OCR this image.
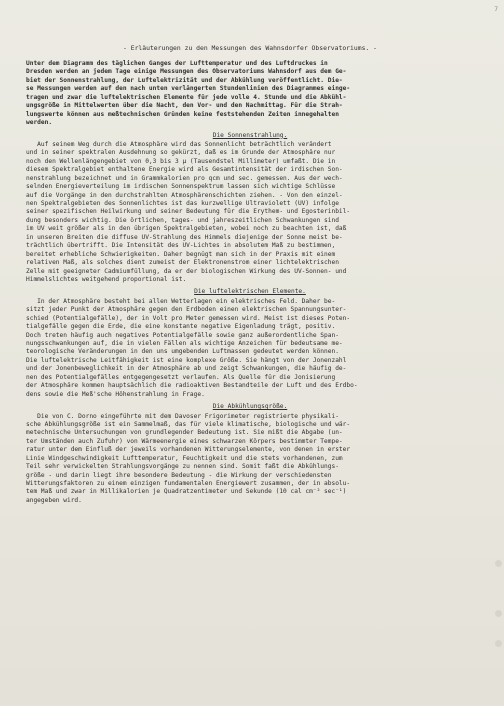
7
- Erläuterungen zu den Messungen des Wahnsdorfer Observatoriums. -
Unter dem Diagramm des täglichen Ganges der Lufttemperatur und des Luftdruckes in
Dresden werden an jedem Tage einige Messungen des Observatoriums Wahnsdorf aus dem Ge-
biet der Sonnenstrahlung, der Luftelektrizität und der Abkühlung veröffentlicht. Die-
se Messungen werden auf den nach unten verlängerten Stundenlinien des Diagrammes einge-
tragen und zwar die luftelektrischen Elemente für jede volle 4. Stunde und die Abkühl-
ungsgröße in Mittelwerten über die Nacht, den Vor- und den Nachmittag. Für die Strah-
lungswerte können aus meßtechnischen Gründen keine feststehenden Zeiten innegehalten
werden.
Die Sonnenstrahlung.
Auf seinem Weg durch die Atmosphäre wird das Sonnenlicht beträchtlich verändert
und in seiner spektralen Ausdehnung so gekürzt, daß es im Grunde der Atmosphäre nur
noch den Wellenlängengebiet von 0,3 bis 3 μ (Tausendstel Millimeter) umfaßt. Die in
diesem Spektralgebiet enthaltene Energie wird als Gesamtintensität der irdischen Son-
nenstrahlung bezeichnet und in Grammkalorien pro qcm und sec. gemessen. Aus der wech-
selnden Energieverteilung im irdischen Sonnenspektrum lassen sich wichtige Schlüsse
auf die Vorgänge in den durchstrahlten Atmosphärenschichten ziehen. - Von den einzel-
nen Spektralgebieten des Sonnenlichtes ist das kurzwellige Ultraviolett (UV) infolge
seiner spezifischen Heilwirkung und seiner Bedeutung für die Erythem- und Egosterinbil-
dung besonders wichtig. Die örtlichen, tages- und jahreszeitlichen Schwankungen sind
im UV weit größer als in den übrigen Spektralgebieten, wobei noch zu beachten ist, daß
in unseren Breiten die diffuse UV-Strahlung des Himmels diejenige der Sonne meist be-
trächtlich übertrifft. Die Intensität des UV-Lichtes in absolutem Maß zu bestimmen,
bereitet erhebliche Schwierigkeiten. Daher begnügt man sich in der Praxis mit einem
relativen Maß, als solches dient zumeist der Elektronenstrom einer lichtelektrischen
Zelle mit geeigneter Cadmiumfüllung, da er der biologischen Wirkung des UV-Sonnen- und
Himmelslichtes weitgehend proportional ist.
Die luftelektrischen Elemente.
In der Atmosphäre besteht bei allen Wetterlagen ein elektrisches Feld. Daher be-
sitzt jeder Punkt der Atmosphäre gegen den Erdboden einen elektrischen Spannungsunter-
schied (Potentialgefälle), der in Volt pro Meter gemessen wird. Meist ist dieses Poten-
tialgefälle gegen die Erde, die eine konstante negative Eigenladung trägt, positiv.
Doch treten häufig auch negatives Potentialgefälle sowie ganz außerordentliche Span-
nungsschwankungen auf, die in vielen Fällen als wichtige Anzeichen für bedeutsame me-
teorologische Veränderungen in den uns umgebenden Luftmassen gedeutet werden können.
Die luftelektrische Leitfähigkeit ist eine komplexe Größe. Sie hängt von der Jonenzahl
und der Jonenbeweglichkeit in der Atmosphäre ab und zeigt Schwankungen, die häufig de-
nen des Potentialgefälles entgegengesetzt verlaufen. Als Quelle für die Jonisierung
der Atmosphäre kommen hauptsächlich die radioaktiven Bestandteile der Luft und des Erdbo-
dens sowie die Meß'sche Höhenstrahlung in Frage.
Die Abkühlungsgröße.
Die von C. Dorno eingeführte mit dem Davoser Frigorimeter registrierte physikali-
sche Abkühlungsgröße ist ein Sammelmaß, das für viele klimatische, biologische und wär-
metechnische Untersuchungen von grundlegender Bedeutung ist. Sie mißt die Abgabe (un-
ter Umständen auch Zufuhr) von Wärmeenergie eines schwarzen Körpers bestimmter Tempe-
ratur unter dem Einfluß der jeweils vorhandenen Witterungselemente, von denen in erster
Linie Windgeschwindigkeit Lufttemperatur, Feuchtigkeit und die stets vorhandenen, zum
Teil sehr verwickelten Strahlungsvorgänge zu nennen sind. Somit faßt die Abkühlungs-
größe - und darin liegt ihre besondere Bedeutung - die Wirkung der verschiedensten
Witterungsfaktoren zu einem einzigen fundamentalen Energiewert zusammen, der in absolu-
tem Maß und zwar in Millikalorien je Quadratzentimeter und Sekunde (10 cal cm⁻² sec⁻¹)
angegeben wird.
